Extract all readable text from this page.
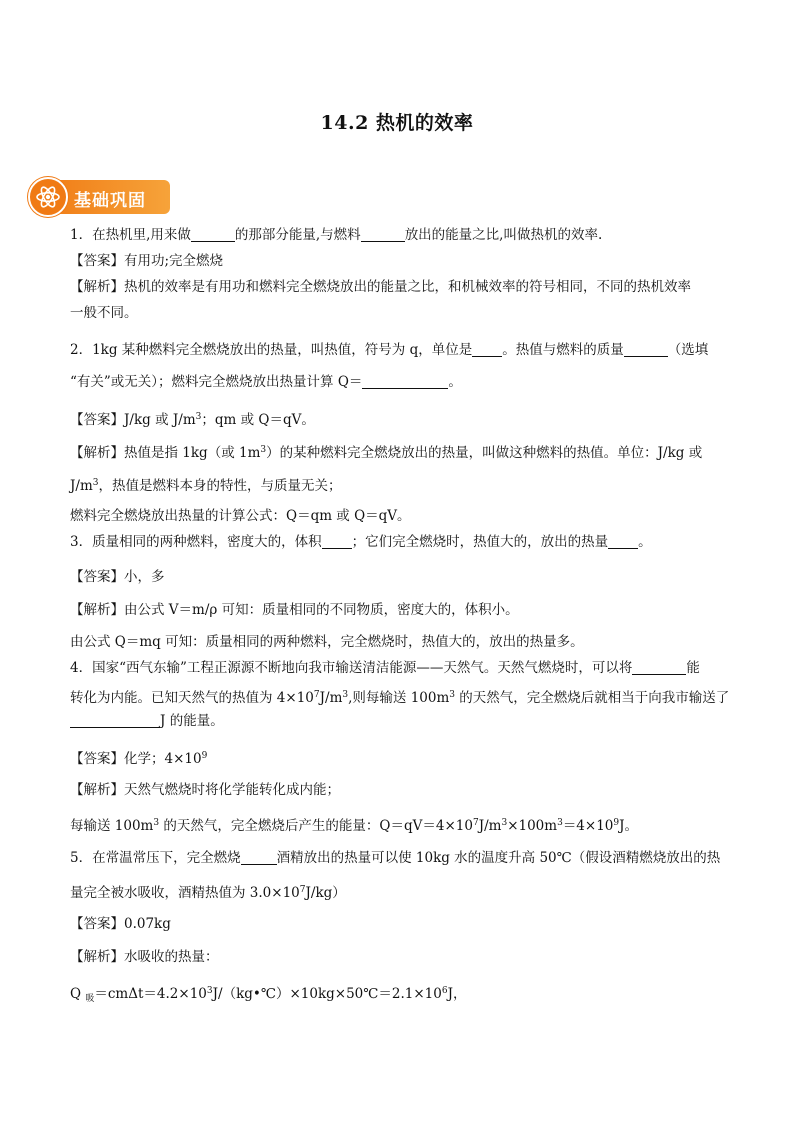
14.2 热机的效率
基础巩固
1．在热机里,用来做	的那部分能量,与燃料	放出的能量之比,叫做热机的效率.
【答案】有用功;完全燃烧
【解析】热机的效率是有用功和燃料完全燃烧放出的能量之比，和机械效率的符号相同，不同的热机效率
一般不同。
2．1kg 某种燃料完全燃烧放出的热量，叫热值，符号为 q，单位是 。热值与燃料的质量	（选填
“有关”或无关）；燃料完全燃烧放出热量计算 Q＝	。
【答案】J/kg 或 $J/m^3$；qm 或 Q＝qV。
【解析】热值是指 1kg（或 $1m^3$）的某种燃料完全燃烧放出的热量，叫做这种燃料的热值。单位：J/kg 或
$J/m^3$，热值是燃料本身的特性，与质量无关；
燃料完全燃烧放出热量的计算公式：Q＝qm 或 Q＝qV。
3．质量相同的两种燃料，密度大的，体积 ；它们完全燃烧时，热值大的，放出的热量 。
【答案】小，多
【解析】由公式 V＝m/ρ 可知：质量相同的不同物质，密度大的，体积小。
由公式 Q＝mq 可知：质量相同的两种燃料，完全燃烧时，热值大的，放出的热量多。
4．国家“西气东输”工程正源源不断地向我市输送清洁能源——天然气。天然气燃烧时，可以将	能
转化为内能。已知天然气的热值为 $4\times 10^7J/m^3$,则每输送 $100m^3$ 的天然气，完全燃烧后就相当于向我市输送了
J 的能量。
【答案】化学；$4\times 10^9$
【解析】天然气燃烧时将化学能转化成内能；
每输送 $100m^3$ 的天然气，完全燃烧后产生的能量：$Q=qV=4\times 10^7J/m^3\times 100m^3=4\times 10^9J$。
5．在常温常压下，完全燃烧	酒精放出的热量可以使 10kg 水的温度升高 50℃（假设酒精燃烧放出的热
量完全被水吸收，酒精热值为 $3.0\times 10^7J/kg$）
【答案】0.07kg
【解析】水吸收的热量：
Q $_吸=cm\Delta t=4.2\times 10^3J/(kg•℃)\times 10kg\times 50℃=2.1\times 10^6J$，
